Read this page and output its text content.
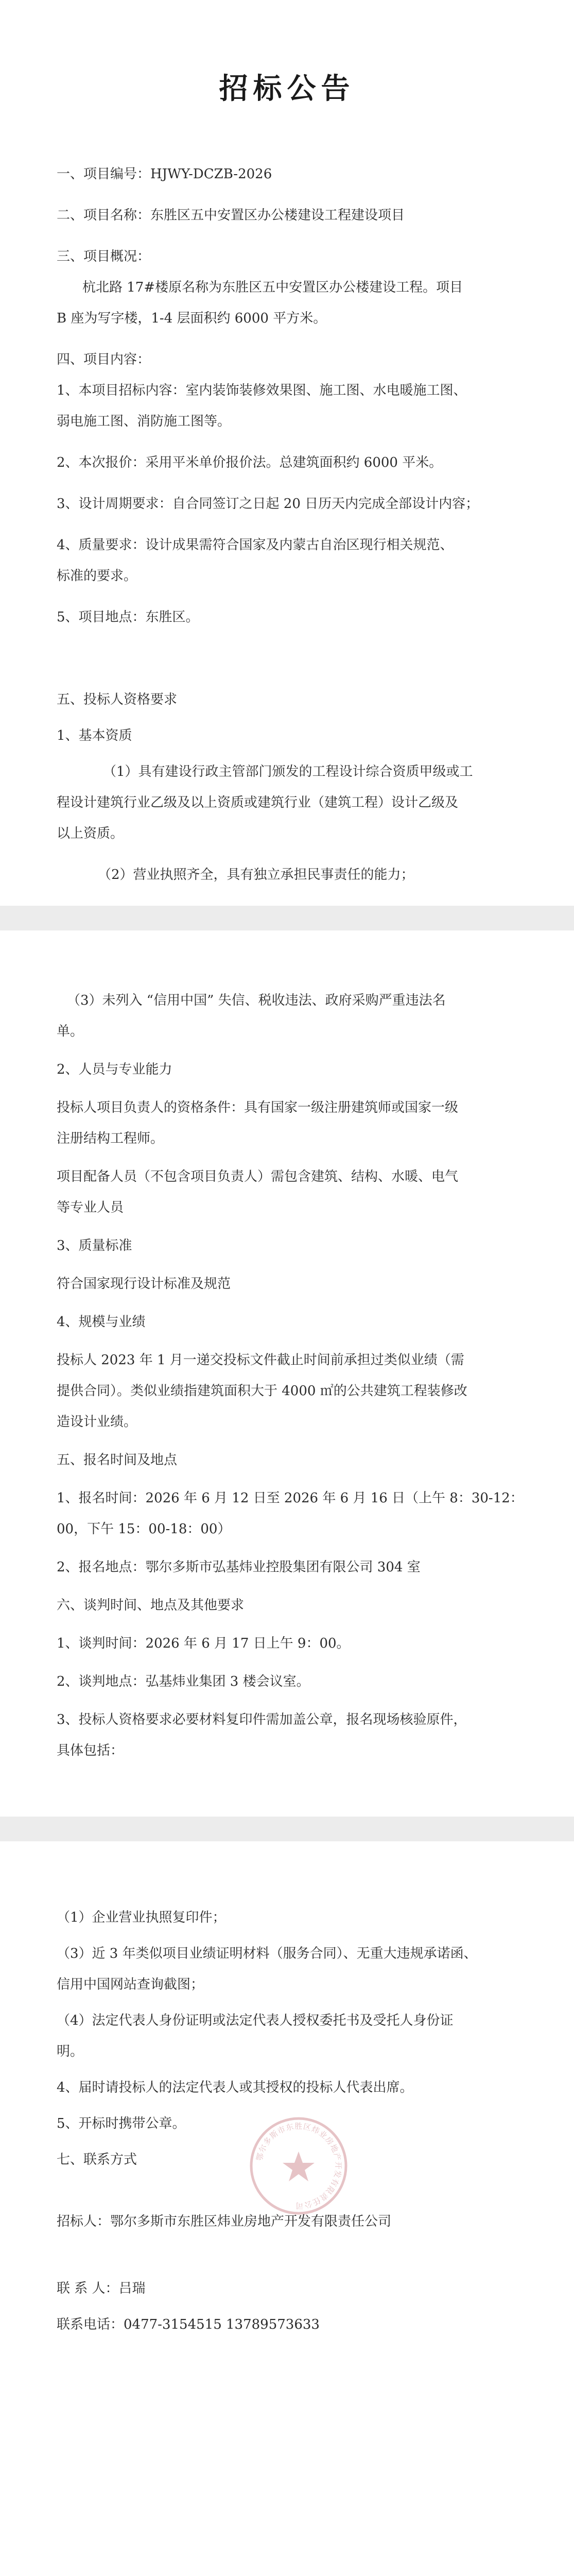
招标公告
一、项目编号：HJWY-DCZB-2026
二、项目名称：东胜区五中安置区办公楼建设工程建设项目
三、项目概况：
杭北路 17#楼原名称为东胜区五中安置区办公楼建设工程。项目
B 座为写字楼，1-4 层面积约 6000 平方米。
四、项目内容：
1、本项目招标内容：室内装饰装修效果图、施工图、水电暖施工图、
弱电施工图、消防施工图等。
2、本次报价：采用平米单价报价法。总建筑面积约 6000 平米。
3、设计周期要求：自合同签订之日起 20 日历天内完成全部设计内容；
4、质量要求：设计成果需符合国家及内蒙古自治区现行相关规范、
标准的要求。
5、项目地点：东胜区。
五、投标人资格要求
1、基本资质
（1）具有建设行政主管部门颁发的工程设计综合资质甲级或工
程设计建筑行业乙级及以上资质或建筑行业（建筑工程）设计乙级及
以上资质。
（2）营业执照齐全，具有独立承担民事责任的能力；
（3）未列入 “信用中国” 失信、税收违法、政府采购严重违法名
单。
2、人员与专业能力
投标人项目负责人的资格条件：具有国家一级注册建筑师或国家一级
注册结构工程师。
项目配备人员（不包含项目负责人）需包含建筑、结构、水暖、电气
等专业人员
3、质量标准
符合国家现行设计标准及规范
4、规模与业绩
投标人 2023 年 1 月一递交投标文件截止时间前承担过类似业绩（需
提供合同）。类似业绩指建筑面积大于 4000 ㎡的公共建筑工程装修改
造设计业绩。
五、报名时间及地点
1、报名时间：2026 年 6 月 12 日至 2026 年 6 月 16 日（上午 8：30-12：
00，下午 15：00-18：00）
2、报名地点：鄂尔多斯市弘基炜业控股集团有限公司 304 室
六、谈判时间、地点及其他要求
1、谈判时间：2026 年 6 月 17 日上午 9：00。
2、谈判地点：弘基炜业集团 3 楼会议室。
3、投标人资格要求必要材料复印件需加盖公章，报名现场核验原件，
具体包括：
（1）企业营业执照复印件；
（3）近 3 年类似项目业绩证明材料（服务合同）、无重大违规承诺函、
信用中国网站查询截图；
（4）法定代表人身份证明或法定代表人授权委托书及受托人身份证
明。
4、届时请投标人的法定代表人或其授权的投标人代表出席。
5、开标时携带公章。
鄂尔多斯市东胜区炜业房地产开发有限责任公司
七、联系方式
招标人：鄂尔多斯市东胜区炜业房地产开发有限责任公司
联 系 人：吕瑞
联系电话：0477-3154515 13789573633
